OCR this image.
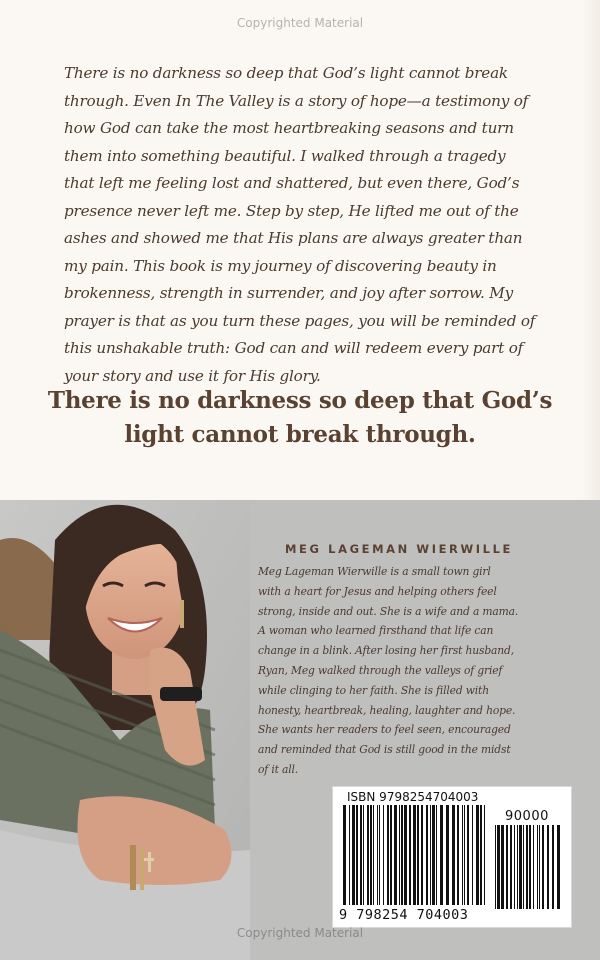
Copyrighted Material
There is no darkness so deep that God’s light cannot break
through. Even In The Valley is a story of hope—a testimony of
how God can take the most heartbreaking seasons and turn
them into something beautiful. I walked through a tragedy
that left me feeling lost and shattered, but even there, God’s
presence never left me. Step by step, He lifted me out of the
ashes and showed me that His plans are always greater than
my pain. This book is my journey of discovering beauty in
brokenness, strength in surrender, and joy after sorrow. My
prayer is that as you turn these pages, you will be reminded of
this unshakable truth: God can and will redeem every part of
your story and use it for His glory.
There is no darkness so deep that God’s
light cannot break through.
MEG LAGEMAN WIERWILLE
Meg Lageman Wierwille is a small town girl
with a heart for Jesus and helping others feel
strong, inside and out. She is a wife and a mama.
A woman who learned firsthand that life can
change in a blink. After losing her first husband,
Ryan, Meg walked through the valleys of grief
while clinging to her faith. She is filled with
honesty, heartbreak, healing, laughter and hope.
She wants her readers to feel seen, encouraged
and reminded that God is still good in the midst
of it all.
ISBN 9798254704003
90000
9 798254 704003
Copyrighted Material
